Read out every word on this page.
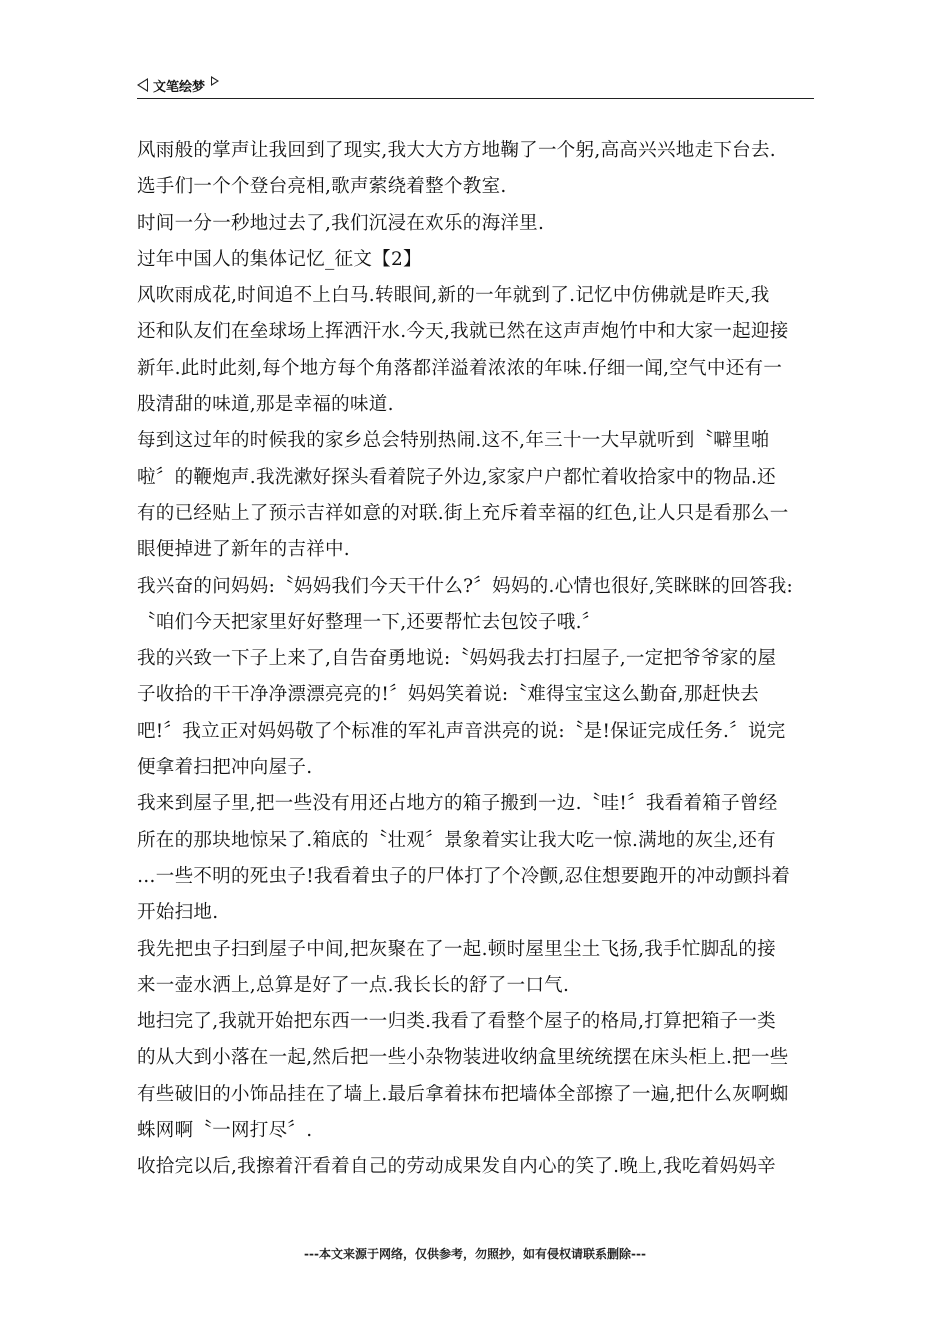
文笔绘梦
风雨般的掌声让我回到了现实,我大大方方地鞠了一个躬,高高兴兴地走下台去.
选手们一个个登台亮相,歌声萦绕着整个教室.
时间一分一秒地过去了,我们沉浸在欢乐的海洋里.
过年中国人的集体记忆_征文【2】
风吹雨成花,时间追不上白马.转眼间,新的一年就到了.记忆中仿佛就是昨天,我
还和队友们在垒球场上挥洒汗水.今天,我就已然在这声声炮竹中和大家一起迎接
新年.此时此刻,每个地方每个角落都洋溢着浓浓的年味.仔细一闻,空气中还有一
股清甜的味道,那是幸福的味道.
每到这过年的时候我的家乡总会特别热闹.这不,年三十一大早就听到〝噼里啪
啦〞的鞭炮声.我洗漱好探头看着院子外边,家家户户都忙着收拾家中的物品.还
有的已经贴上了预示吉祥如意的对联.街上充斥着幸福的红色,让人只是看那么一
眼便掉进了新年的吉祥中.
我兴奋的问妈妈:〝妈妈我们今天干什么?〞妈妈的.心情也很好,笑眯眯的回答我:
〝咱们今天把家里好好整理一下,还要帮忙去包饺子哦.〞
我的兴致一下子上来了,自告奋勇地说:〝妈妈我去打扫屋子,一定把爷爷家的屋
子收拾的干干净净漂漂亮亮的!〞妈妈笑着说:〝难得宝宝这么勤奋,那赶快去
吧!〞我立正对妈妈敬了个标准的军礼声音洪亮的说:〝是!保证完成任务.〞说完
便拿着扫把冲向屋子.
我来到屋子里,把一些没有用还占地方的箱子搬到一边.〝哇!〞我看着箱子曾经
所在的那块地惊呆了.箱底的〝壮观〞景象着实让我大吃一惊.满地的灰尘,还有
…一些不明的死虫子!我看着虫子的尸体打了个冷颤,忍住想要跑开的冲动颤抖着
开始扫地.
我先把虫子扫到屋子中间,把灰聚在了一起.顿时屋里尘土飞扬,我手忙脚乱的接
来一壶水洒上,总算是好了一点.我长长的舒了一口气.
地扫完了,我就开始把东西一一归类.我看了看整个屋子的格局,打算把箱子一类
的从大到小落在一起,然后把一些小杂物装进收纳盒里统统摆在床头柜上.把一些
有些破旧的小饰品挂在了墙上.最后拿着抹布把墙体全部擦了一遍,把什么灰啊蜘
蛛网啊〝一网打尽〞.
收拾完以后,我擦着汗看着自己的劳动成果发自内心的笑了.晚上,我吃着妈妈辛
---本文来源于网络，仅供参考，勿照抄，如有侵权请联系删除---
